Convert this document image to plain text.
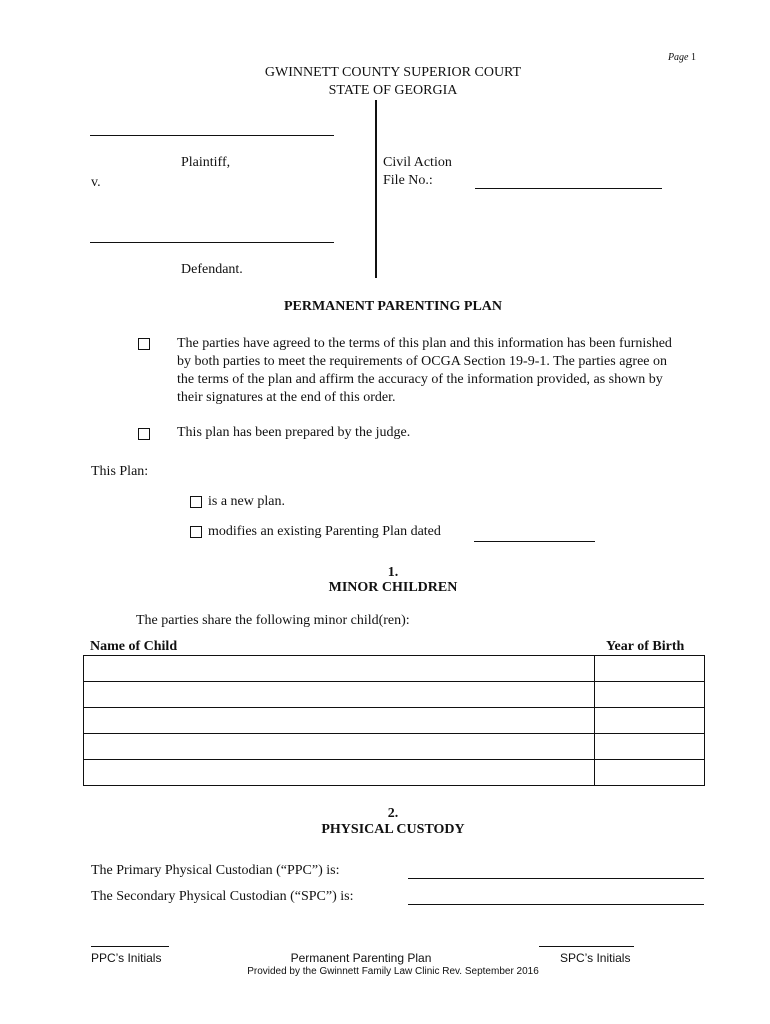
Page 1
GWINNETT COUNTY SUPERIOR COURT
STATE OF GEORGIA
Plaintiff,
v.
Defendant.
Civil Action
File No.:
PERMANENT PARENTING PLAN

The parties have agreed to the terms of this plan and this information has been furnished by both parties to meet the requirements of OCGA Section 19-9-1. The parties agree on the terms of the plan and affirm the accuracy of the information provided, as shown by their signatures at the end of this order.

This plan has been prepared by the judge.
This Plan:
is a new plan.
modifies an existing Parenting Plan dated
1.
MINOR CHILDREN
The parties share the following minor child(ren):
Name of Child	Year of Birth

2.
PHYSICAL CUSTODY
The Primary Physical Custodian (“PPC”) is:
The Secondary Physical Custodian (“SPC”) is:
PPC’s Initials	Permanent Parenting Plan	SPC’s Initials
Provided by the Gwinnett Family Law Clinic Rev. September 2016
